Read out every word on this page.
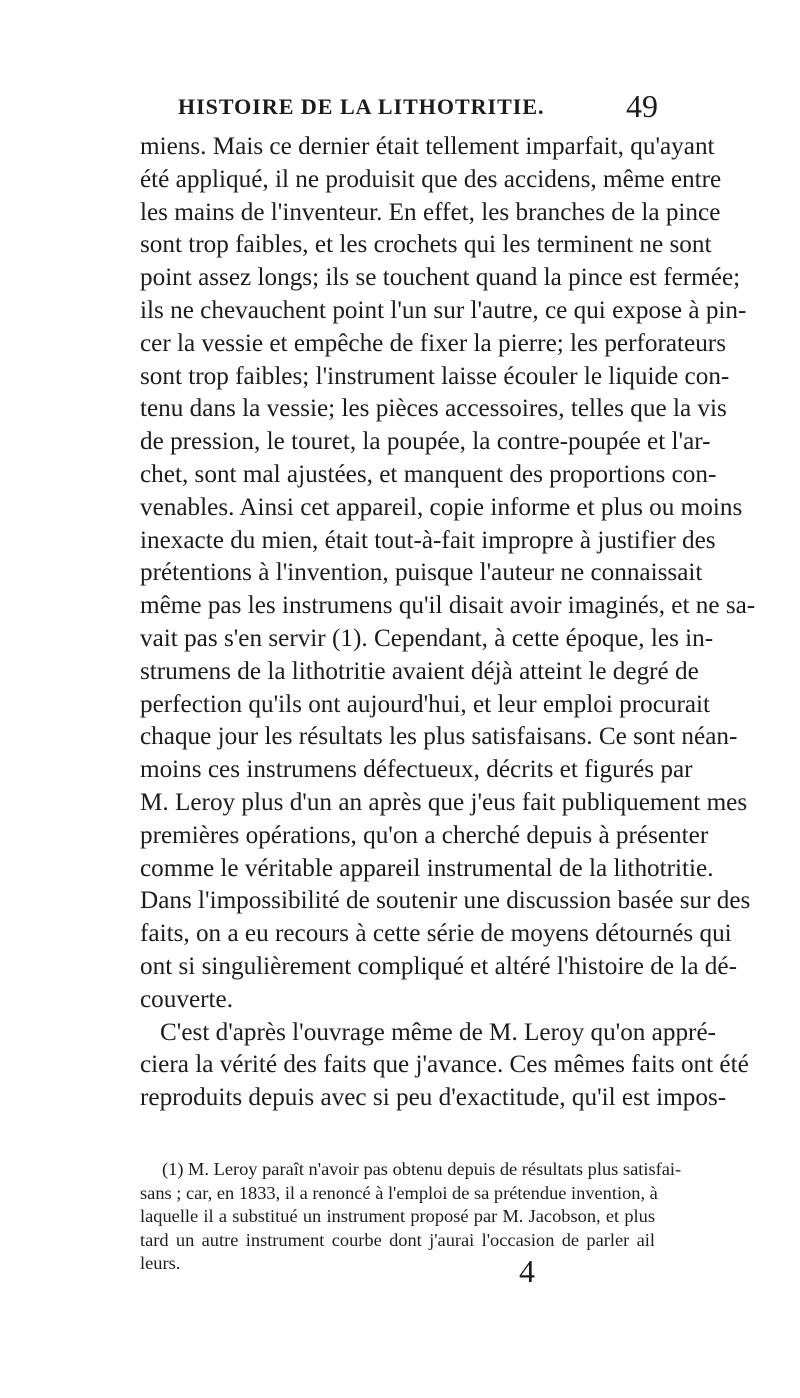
HISTOIRE DE LA LITHOTRITIE.	49
miens. Mais ce dernier était tellement imparfait, qu'ayant
été appliqué, il ne produisit que des accidens, même entre
les mains de l'inventeur. En effet, les branches de la pince
sont trop faibles, et les crochets qui les terminent ne sont
point assez longs; ils se touchent quand la pince est fermée;
ils ne chevauchent point l'un sur l'autre, ce qui expose à pin-
cer la vessie et empêche de fixer la pierre; les perforateurs
sont trop faibles; l'instrument laisse écouler le liquide con-
tenu dans la vessie; les pièces accessoires, telles que la vis
de pression, le touret, la poupée, la contre-poupée et l'ar-
chet, sont mal ajustées, et manquent des proportions con-
venables. Ainsi cet appareil, copie informe et plus ou moins
inexacte du mien, était tout-à-fait impropre à justifier des
prétentions à l'invention, puisque l'auteur ne connaissait
même pas les instrumens qu'il disait avoir imaginés, et ne sa-
vait pas s'en servir (1). Cependant, à cette époque, les in-
strumens de la lithotritie avaient déjà atteint le degré de
perfection qu'ils ont aujourd'hui, et leur emploi procurait
chaque jour les résultats les plus satisfaisans. Ce sont néan-
moins ces instrumens défectueux, décrits et figurés par
M. Leroy plus d'un an après que j'eus fait publiquement mes
premières opérations, qu'on a cherché depuis à présenter
comme le véritable appareil instrumental de la lithotritie.
Dans l'impossibilité de soutenir une discussion basée sur des
faits, on a eu recours à cette série de moyens détournés qui
ont si singulièrement compliqué et altéré l'histoire de la dé-
couverte.
C'est d'après l'ouvrage même de M. Leroy qu'on appré-
ciera la vérité des faits que j'avance. Ces mêmes faits ont été
reproduits depuis avec si peu d'exactitude, qu'il est impos-
(1) M. Leroy paraît n'avoir pas obtenu depuis de résultats plus satisfai-
sans ; car, en 1833, il a renoncé à l'emploi de sa prétendue invention, à
laquelle il a substitué un instrument proposé par M. Jacobson, et plus
tard un autre instrument courbe dont j'aurai l'occasion de parler ail
leurs.	4
